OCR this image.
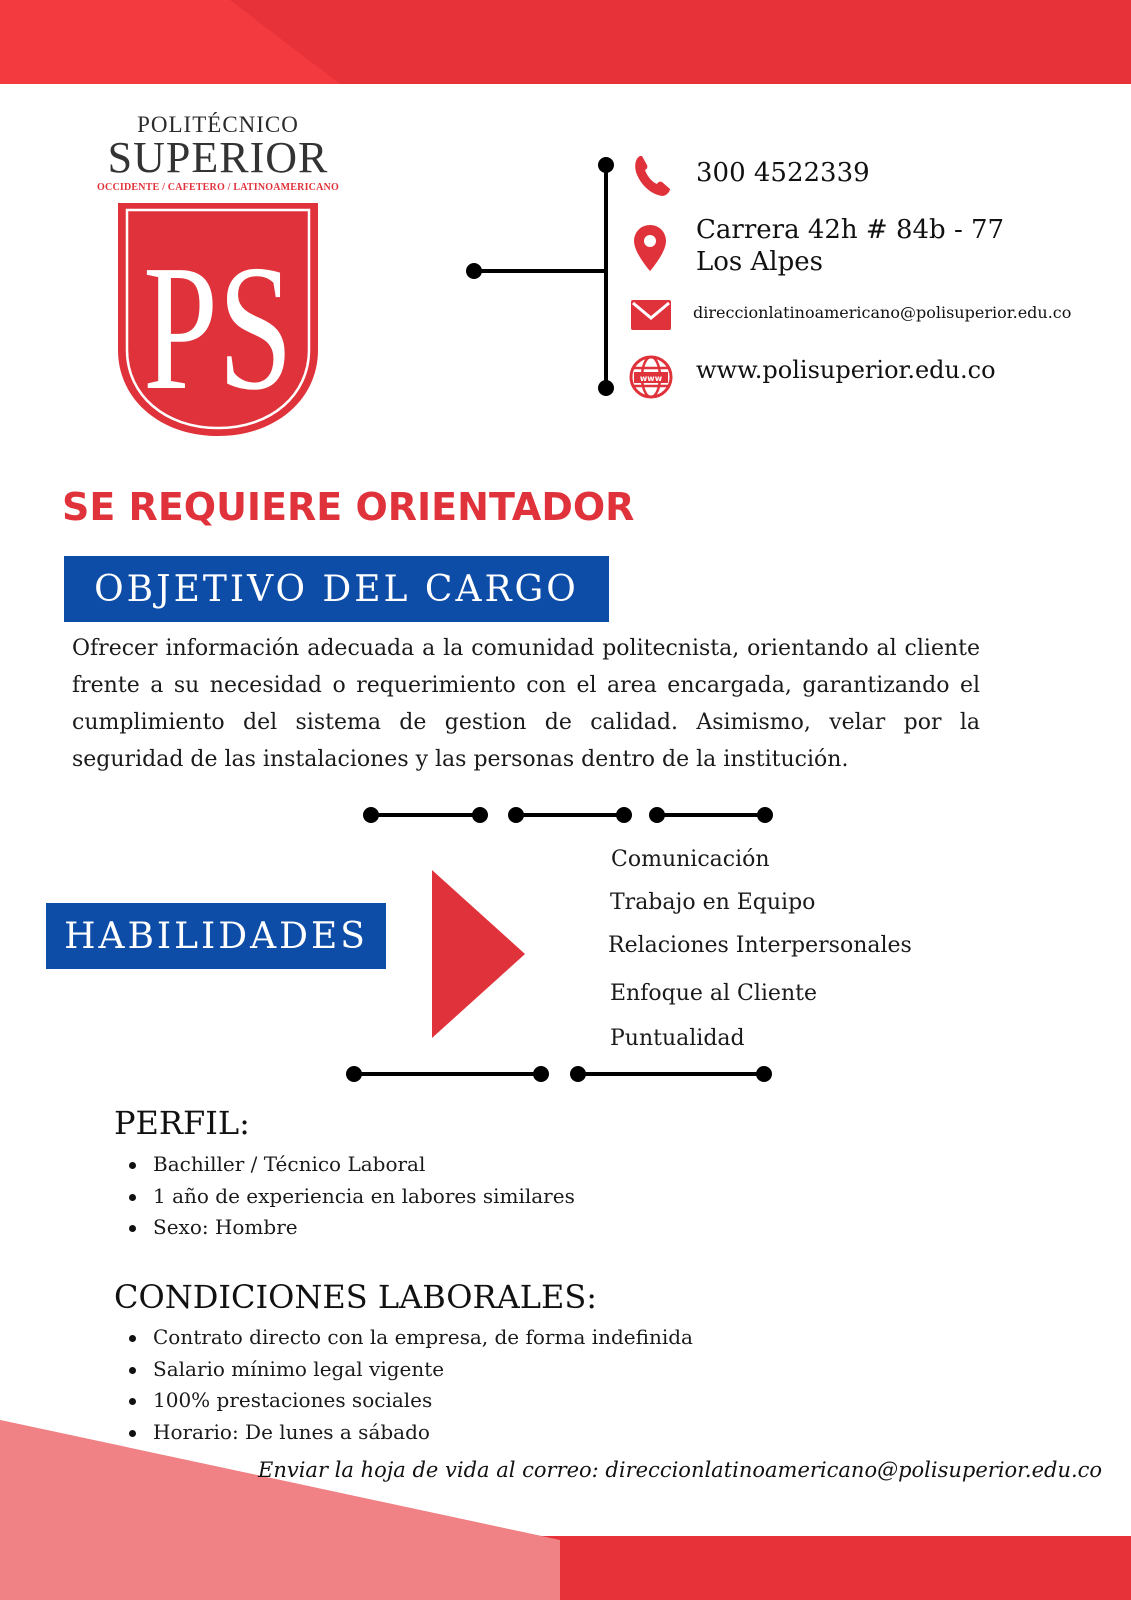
POLITÉCNICO
SUPERIOR
OCCIDENTE / CAFETERO / LATINOAMERICANO
PS	www
300 4522339
Carrera 42h # 84b - 77
Los Alpes
direccionlatinoamericano@polisuperior.edu.co
www.polisuperior.edu.co
SE REQUIERE ORIENTADOR
OBJETIVO DEL CARGO
Ofrecer información adecuada a la comunidad politecnista, orientando al cliente frente a su necesidad o requerimiento con el area encargada, garantizando el cumplimiento del sistema de gestion de calidad. Asimismo, velar por la seguridad de las instalaciones y las personas dentro de la institución.
HABILIDADES
Comunicación
Trabajo en Equipo
Relaciones Interpersonales
Enfoque al Cliente
Puntualidad
PERFIL:
Bachiller / Técnico Laboral
1 año de experiencia en labores similares
Sexo: Hombre
CONDICIONES LABORALES:
Contrato directo con la empresa, de forma indefinida
Salario mínimo legal vigente
100% prestaciones sociales
Horario: De lunes a sábado
Enviar la hoja de vida al correo: direccionlatinoamericano@polisuperior.edu.co
